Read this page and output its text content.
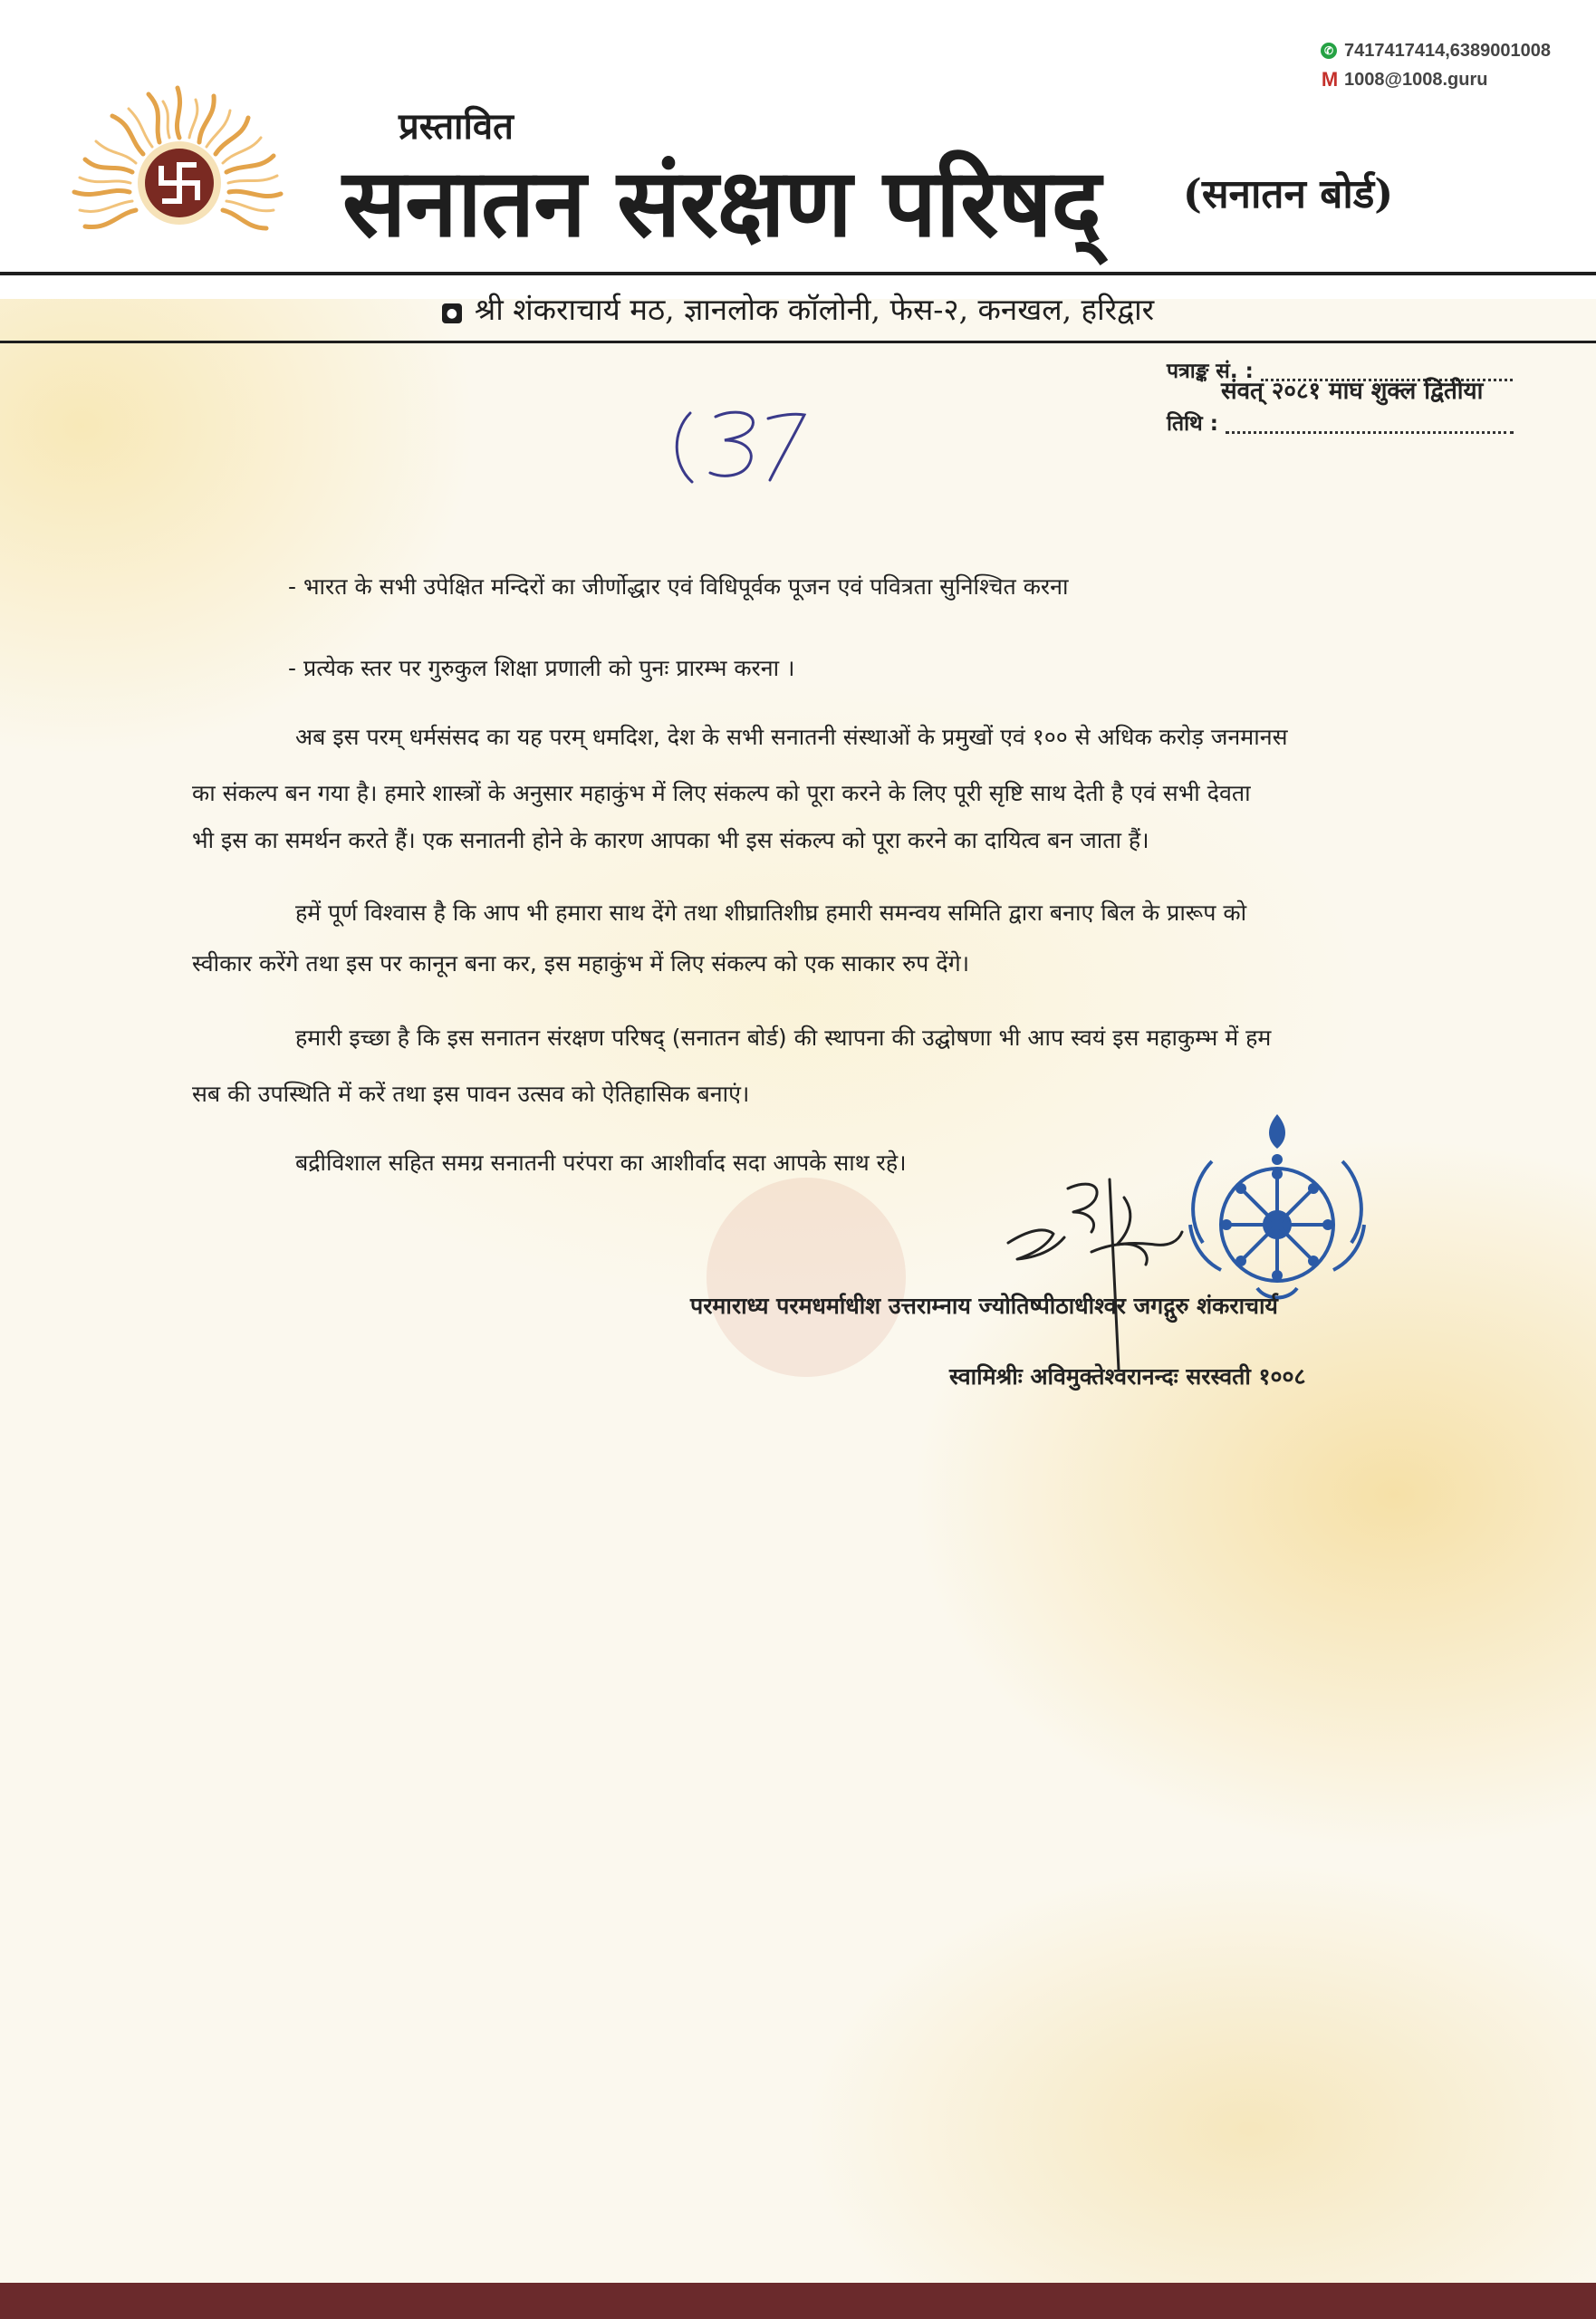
✆ 7417417414,6389001008
M 1008@1008.guru
प्रस्तावित
सनातन संरक्षण परिषद् (सनातन बोर्ड)
● श्री शंकराचार्य मठ, ज्ञानलोक कॉलोनी, फेस-२, कनखल, हरिद्वार
पत्राङ्क सं. :
संवत् २०८१ माघ शुक्ल द्वितीया
तिथि :
- भारत के सभी उपेक्षित मन्दिरों का जीर्णोद्धार एवं विधिपूर्वक पूजन एवं पवित्रता सुनिश्चित करना
- प्रत्येक स्तर पर गुरुकुल शिक्षा प्रणाली को पुनः प्रारम्भ करना ।
अब इस परम् धर्मसंसद का यह परम् धमदिश, देश के सभी सनातनी संस्थाओं के प्रमुखों एवं १०० से अधिक करोड़ जनमानस
का संकल्प बन गया है। हमारे शास्त्रों के अनुसार महाकुंभ में लिए संकल्प को पूरा करने के लिए पूरी सृष्टि साथ देती है एवं सभी देवता
भी इस का समर्थन करते हैं। एक सनातनी होने के कारण आपका भी इस संकल्प को पूरा करने का दायित्व बन जाता हैं।
हमें पूर्ण विश्वास है कि आप भी हमारा साथ देंगे तथा शीघ्रातिशीघ्र हमारी समन्वय समिति द्वारा बनाए बिल के प्रारूप को
स्वीकार करेंगे तथा इस पर कानून बना कर, इस महाकुंभ में लिए संकल्प को एक साकार रुप देंगे।
हमारी इच्छा है कि इस सनातन संरक्षण परिषद् (सनातन बोर्ड) की स्थापना की उद्घोषणा भी आप स्वयं इस महाकुम्भ में हम
सब की उपस्थिति में करें तथा इस पावन उत्सव को ऐतिहासिक बनाएं।
बद्रीविशाल सहित समग्र सनातनी परंपरा का आशीर्वाद सदा आपके साथ रहे।
परमाराध्य परमधर्माधीश उत्तराम्नाय ज्योतिष्पीठाधीश्वर जगद्गुरु शंकराचार्य
स्वामिश्रीः अविमुक्तेश्वरानन्दः सरस्वती १००८
